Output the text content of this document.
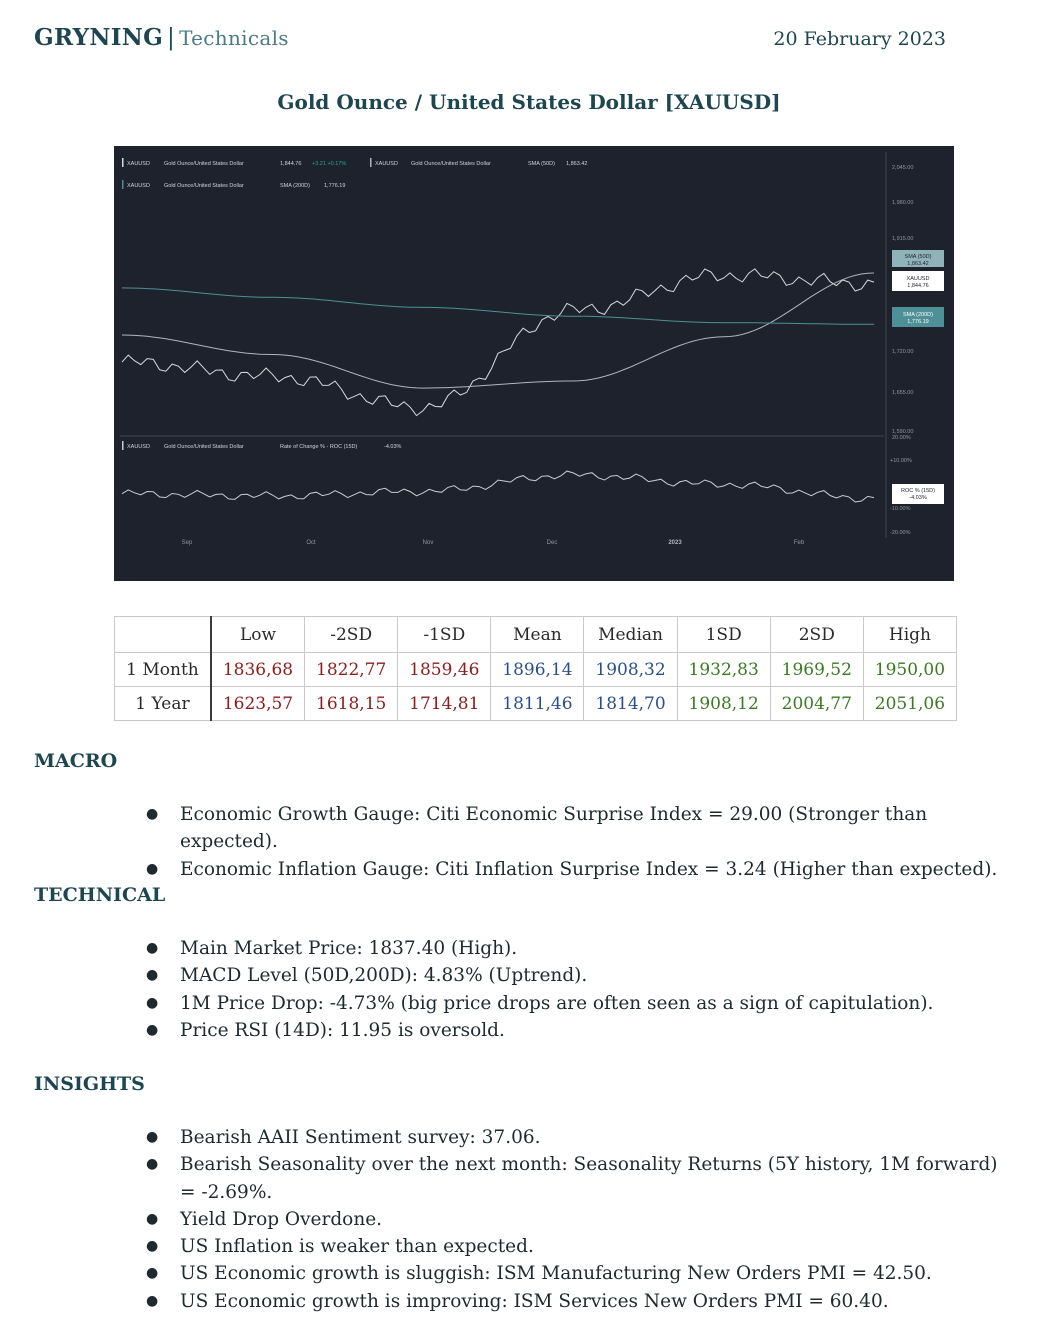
GRYNING | Technicals	20 February 2023
Gold Ounce / United States Dollar [XAUUSD]
XAUUSD	Gold Ounce/United States Dollar	1,844.76 +3.21 +0.17%	XAUUSD Gold Ounce/United States Dollar	SMA (50D) 1,863.42
XAUUSD	Gold Ounce/United States Dollar	SMA (200D)	1,776.19
XAUUSD	Gold Ounce/United States Dollar	Rate of Change % - ROC (15D)	-4.03%
2,045.00
1,980.00
1,915.00
1,720.00
1,655.00
1,590.00
20.00%
+10.00%
-10.00%
-20.00%
SMA (50D)
1,863.42
XAUUSD
1,844.76
SMA (200D)
1,776.19
ROC % (15D)
-4.03%
Sep	Oct	Nov	Dec	2023	Feb
	Low	-2SD	-1SD	Mean	Median	1SD	2SD	High
1 Month	1836,68	1822,77	1859,46	1896,14	1908,32	1932,83	1969,52	1950,00
1 Year	1623,57	1618,15	1714,81	1811,46	1814,70	1908,12	2004,77	2051,06
MACRO
● Economic Growth Gauge: Citi Economic Surprise Index = 29.00 (Stronger than expected).
● Economic Inflation Gauge: Citi Inflation Surprise Index = 3.24 (Higher than expected).
TECHNICAL
● Main Market Price: 1837.40 (High).
● MACD Level (50D,200D): 4.83% (Uptrend).
● 1M Price Drop: -4.73% (big price drops are often seen as a sign of capitulation).
● Price RSI (14D): 11.95 is oversold.
INSIGHTS
● Bearish AAII Sentiment survey: 37.06.
● Bearish Seasonality over the next month: Seasonality Returns (5Y history, 1M forward) = -2.69%.
● Yield Drop Overdone.
● US Inflation is weaker than expected.
● US Economic growth is sluggish: ISM Manufacturing New Orders PMI = 42.50.
● US Economic growth is improving: ISM Services New Orders PMI = 60.40.
